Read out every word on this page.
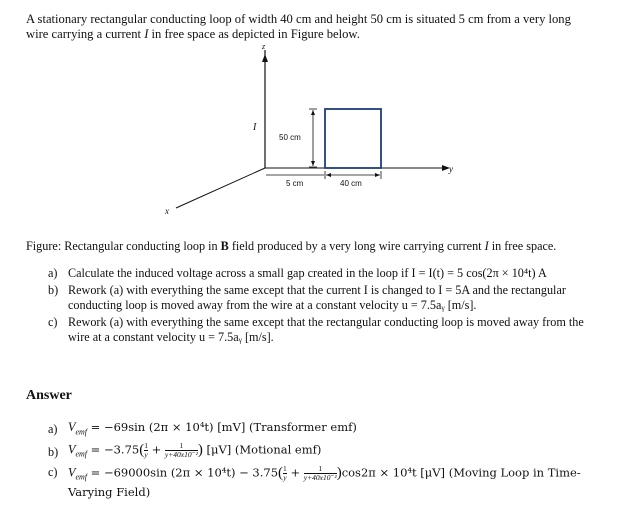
A stationary rectangular conducting loop of width 40 cm and height 50 cm is situated 5 cm from a very long
wire carrying a current I in free space as depicted in Figure below.
z
I
y
x
50 cm
5 cm	40 cm
Figure: Rectangular conducting loop in B field produced by a very long wire carrying current I in free space.
a) Calculate the induced voltage across a small gap created in the loop if I = I(t) = 5 cos(2π × 10⁴t) A
b) Rework (a) with everything the same except that the current I is changed to I = 5A and the rectangular conducting loop is moved away from the wire at a constant velocity u = 7.5aᵧ [m/s].
c) Rework (a) with everything the same except that the rectangular conducting loop is moved away from the wire at a constant velocity u = 7.5aᵧ [m/s].
Answer
a) $V_{emf} = -69\sin$ (2π × 10⁴t) [mV] (Transformer emf)
b) $V_{emf} = -3.75( \frac{1}{y} + \frac{1}{\text{y+40x10⁻²}}$ ) [μV] (Motional emf)
c) $V_{emf} = -69000\sin$ $(2\pi \times 10^4t) - 3.75( \frac{1}{y} + \frac{1}{\text{y+40x10⁻²}} )\cos 2\pi \times 10^4t$ [μV] (Moving Loop in Time-
Varying Field)
